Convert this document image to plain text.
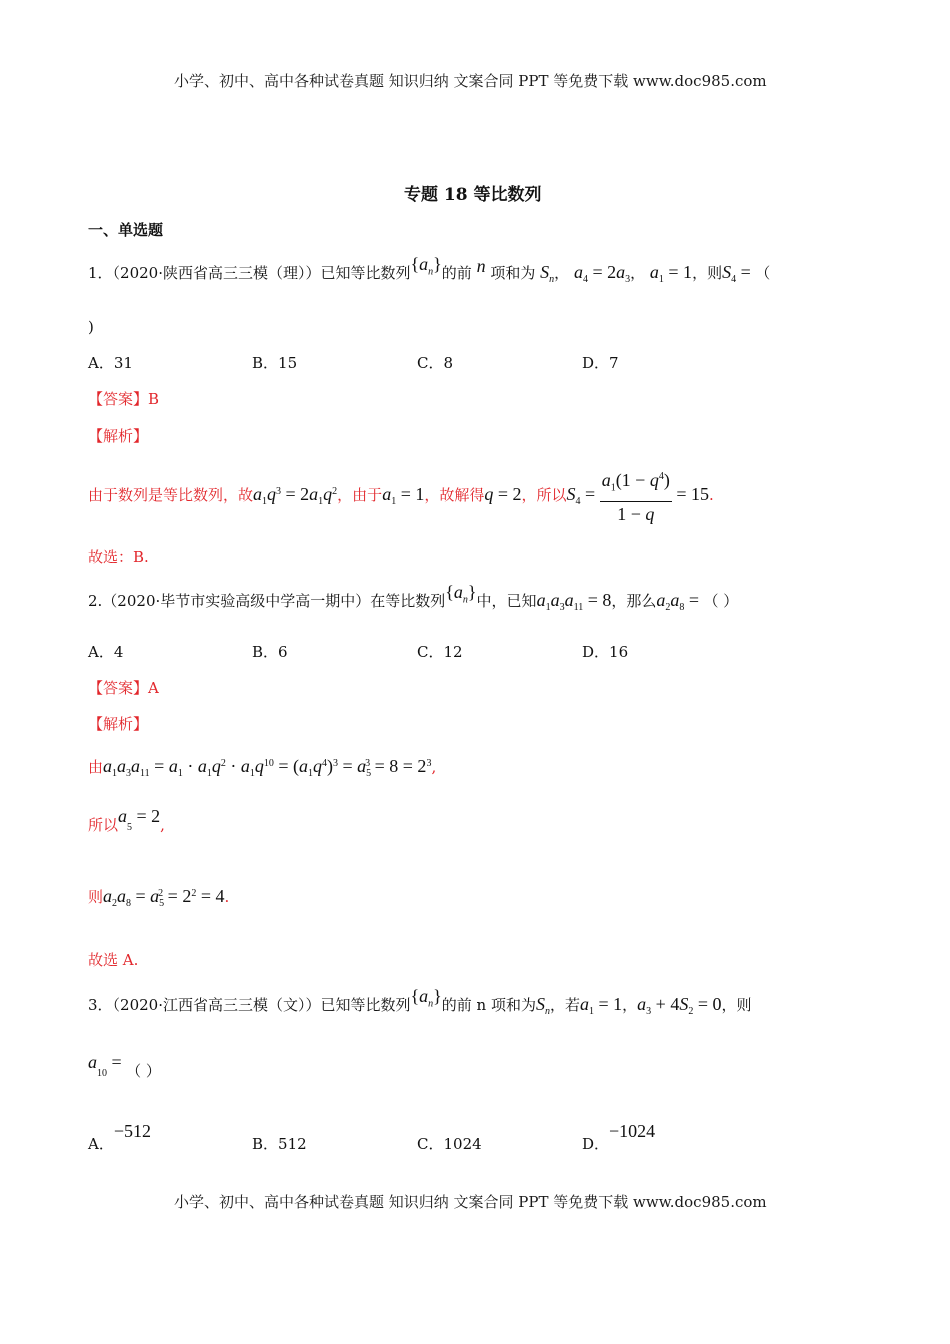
小学、初中、高中各种试卷真题 知识归纳 文案合同 PPT 等免费下载 www.doc985.com
专题 18 等比数列
一、单选题
1．（2020·陕西省高三三模（理））已知等比数列$\{a_n\}$的前 n 项和为 $S_n$， $a_4 = 2a_3$， $a_1 = 1$，则$S_4$ = （
)
A．31	B．15	C．8	D．7
【答案】B
【解析】
由于数列是等比数列，故$a_1q^3 = 2a_1q^2$，由于$a_1 = 1$，故解得q = 2，所以$S_4 = \frac{a_1(1 - q^4)}{1 - q} = 15$.
故选：B.
2.（2020·毕节市实验高级中学高一期中）在等比数列$\{a_n\}$中，已知$a_1a_3a_{11} = 8$，那么$a_2a_8$ = （ ）
A．4	B．6	C．12	D．16
【答案】A
【解析】
由$a_1a_3a_{11} = a_1 \cdot a_1q^2 \cdot a_1q^{10} = (a_1q^4)^3 = a_5^3 = 8 = 2^3$,
所以$a_5 = 2$,
则$a_2a_8 = a_5^2 = 2^2 = 4$.
故选 A.
3．（2020·江西省高三三模（文））已知等比数列$\{a_n\}$的前 n 项和为$S_n$，若$a_1 = 1$，$a_3 + 4S_2 = 0$，则
$a_{10}$ = （ ）
A．−512
B．512	C．1024	D．−1024
小学、初中、高中各种试卷真题 知识归纳 文案合同 PPT 等免费下载 www.doc985.com
